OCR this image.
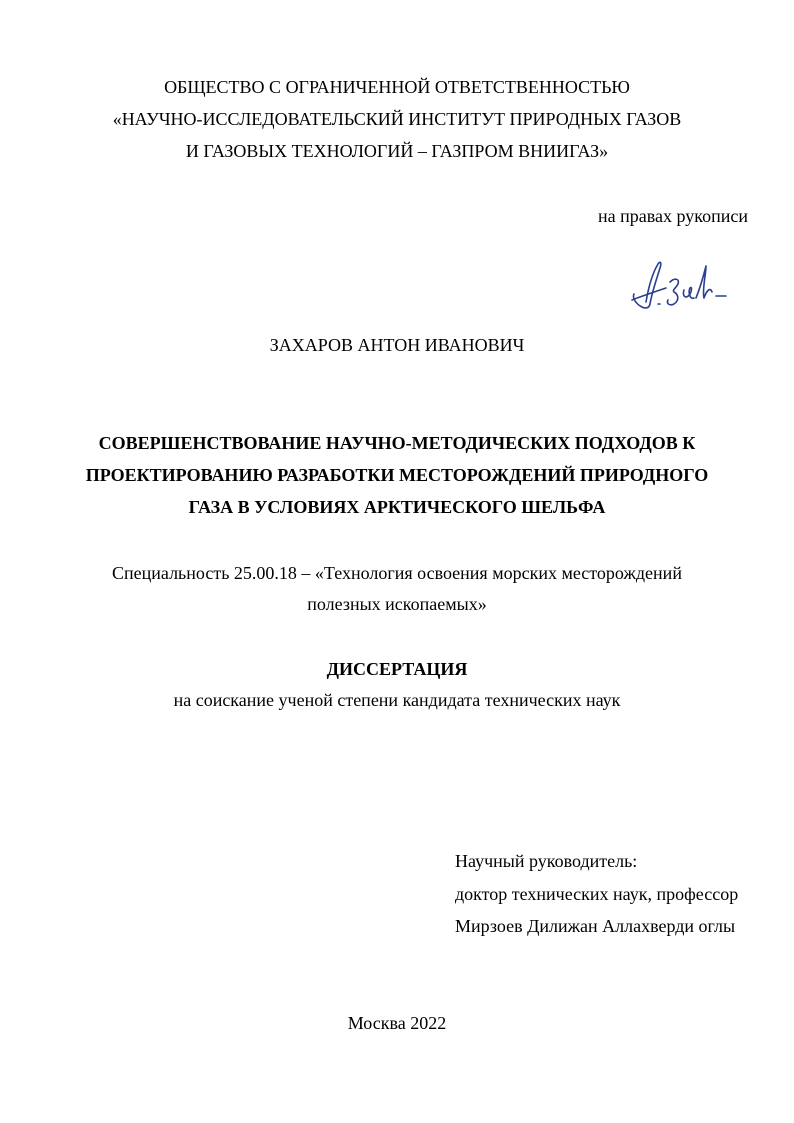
ОБЩЕСТВО С ОГРАНИЧЕННОЙ ОТВЕТСТВЕННОСТЬЮ
«НАУЧНО-ИССЛЕДОВАТЕЛЬСКИЙ ИНСТИТУТ ПРИРОДНЫХ ГАЗОВ
И ГАЗОВЫХ ТЕХНОЛОГИЙ – ГАЗПРОМ ВНИИГАЗ»
на правах рукописи
ЗАХАРОВ АНТОН ИВАНОВИЧ
СОВЕРШЕНСТВОВАНИЕ НАУЧНО-МЕТОДИЧЕСКИХ ПОДХОДОВ К
ПРОЕКТИРОВАНИЮ РАЗРАБОТКИ МЕСТОРОЖДЕНИЙ ПРИРОДНОГО
ГАЗА В УСЛОВИЯХ АРКТИЧЕСКОГО ШЕЛЬФА
Специальность 25.00.18 – «Технология освоения морских месторождений
полезных ископаемых»
ДИССЕРТАЦИЯ
на соискание ученой степени кандидата технических наук
Научный руководитель:
доктор технических наук, профессор
Мирзоев Дилижан Аллахверди оглы
Москва 2022
